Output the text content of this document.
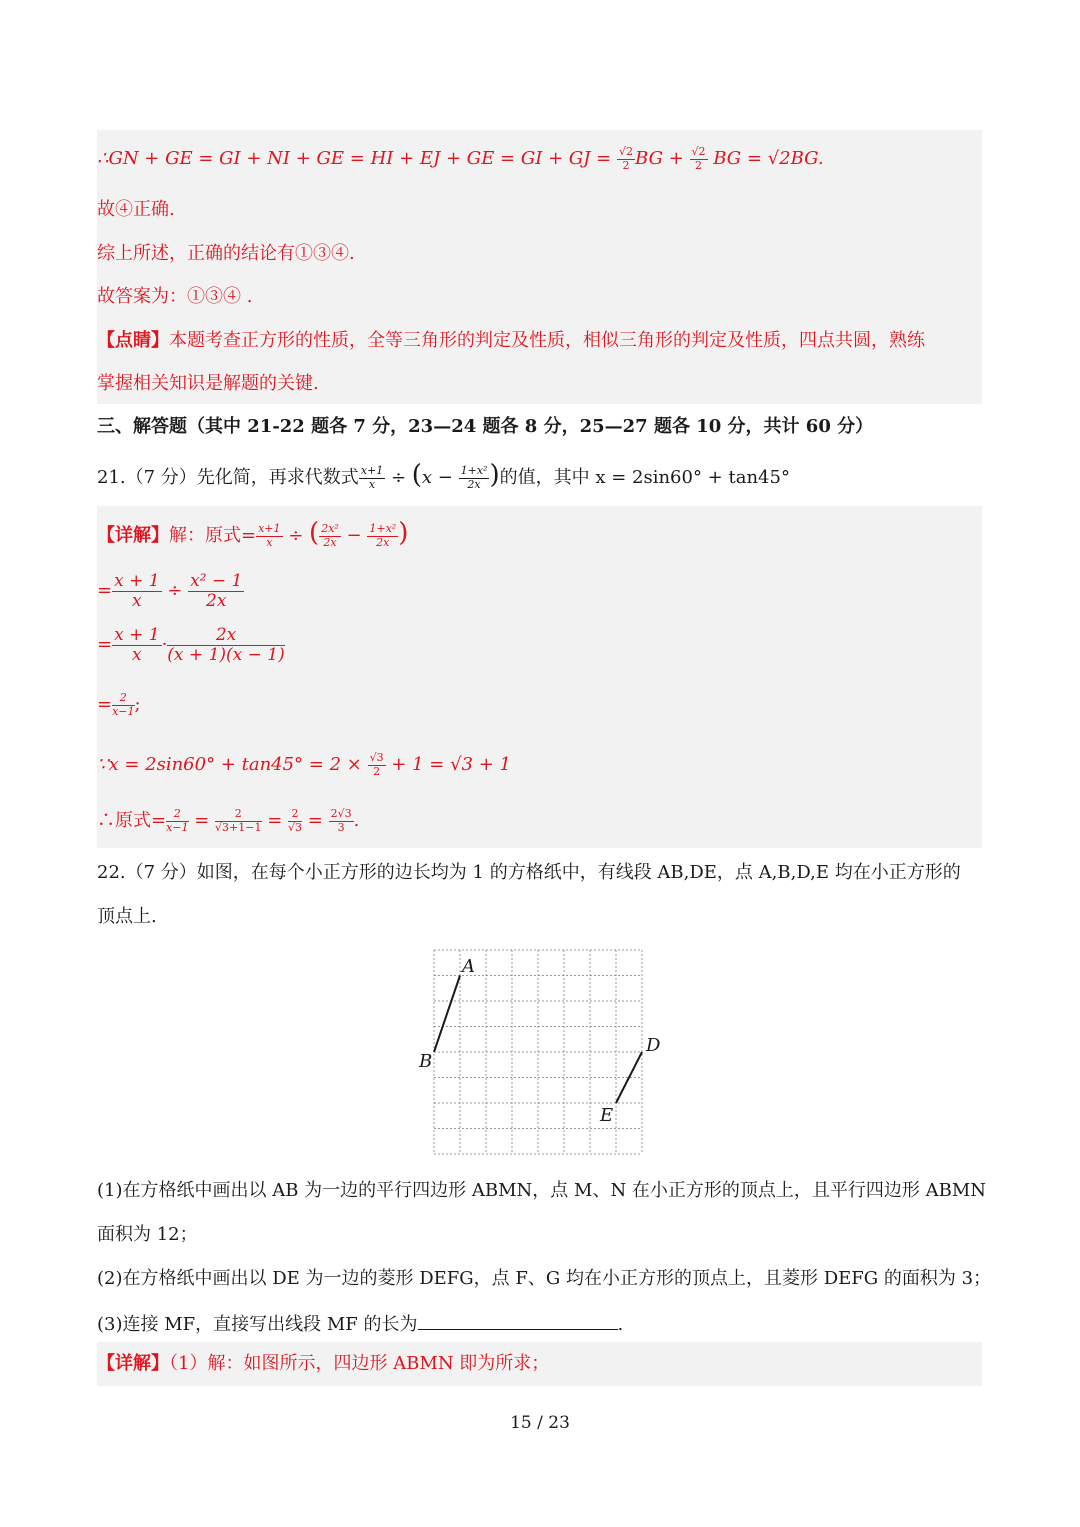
∴GN + GE = GI + NI + GE = HI + EJ + GE = GI + GJ = $\frac{√2}{2}$ BG + $\frac{√2}{2}$ BG = √2BG.
故④正确.
综上所述，正确的结论有①③④.
故答案为：①③④ .
【点睛】本题考查正方形的性质，全等三角形的判定及性质，相似三角形的判定及性质，四点共圆，熟练
掌握相关知识是解题的关键.
三、解答题（其中 21-22 题各 7 分，23—24 题各 8 分，25—27 题各 10 分，共计 60 分）
21.（7 分）先化简，再求代数式 $\frac{x+1}{x} \div (x - \frac{\text{1+x²}}{2x}$ )的值，其中 x = 2sin60° + tan45°
【详解】解：原式= $\frac{x+1}{x}$ ÷ ( $\frac{\text{2x²}}{2x} - \frac{\text{1+x²}}{2x}$ )
= $\frac{x + 1}{x} \div \frac{\text{x² − 1}}{2x}$
= $\frac{x + 1}{x} \cdot \frac{2x}{(x + 1)(x - 1)}$
= $\frac{2}{x-1}$ ;
∵x = $2\sin 60^\circ + \tan 45^\circ = 2 \times \frac{√3}{2} + 1 = √3 + 1$
∴原式= $\frac{2}{x-1} = \frac{2}{√3+1-1} = \frac{2}{√3} = \frac{2√3}{3}$ .
22.（7 分）如图，在每个小正方形的边长均为 1 的方格纸中，有线段 AB,DE，点 A,B,D,E 均在小正方形的
顶点上.
A
B
D
E
(1)在方格纸中画出以 AB 为一边的平行四边形 ABMN，点 M、N 在小正方形的顶点上，且平行四边形 ABMN
面积为 12；
(2)在方格纸中画出以 DE 为一边的菱形 DEFG，点 F、G 均在小正方形的顶点上，且菱形 DEFG 的面积为 3；
(3)连接 MF，直接写出线段 MF 的长为	.
【详解】（1）解：如图所示，四边形 ABMN 即为所求；
15 / 23
